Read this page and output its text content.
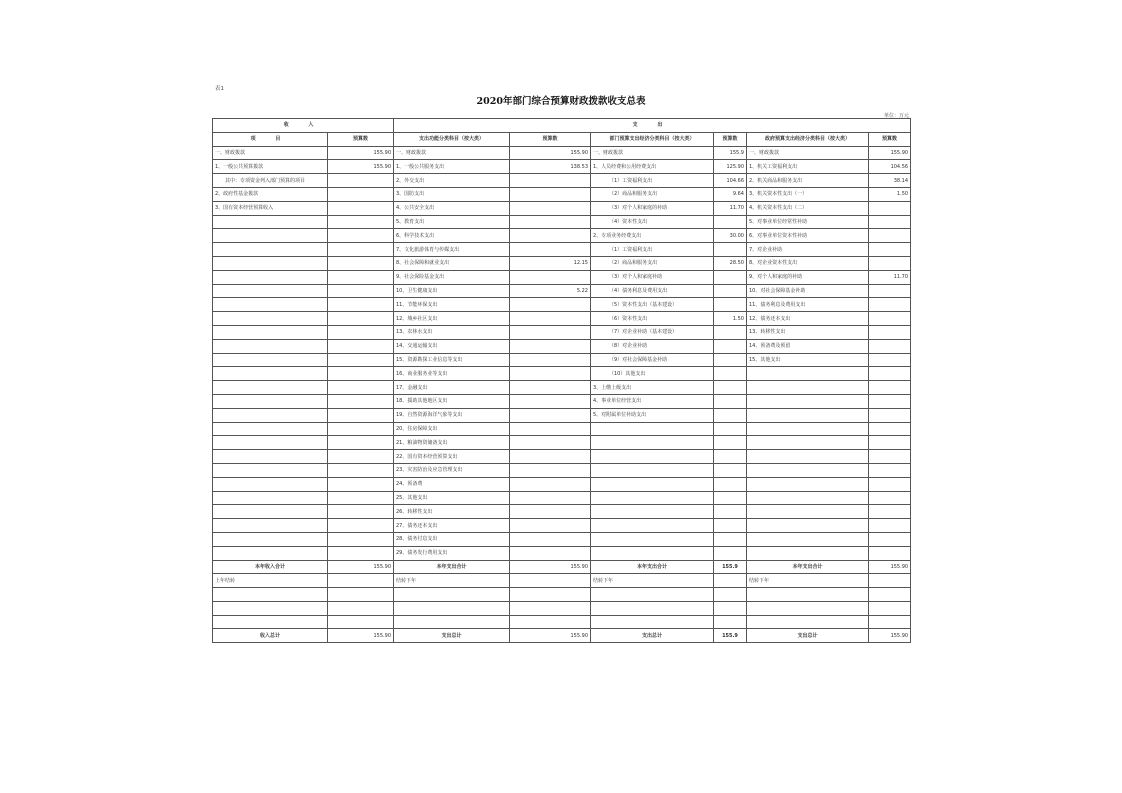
表1
2020年部门综合预算财政拨款收支总表
单位：万元
收 入		支 出					
项 目	预算数	支出功能分类科目（按大类）	预算数	部门预算支出经济分类科目（按大类）	预算数	政府预算支出经济分类科目（按大类）	预算数
一、财政拨款	155.90	一、财政拨款	155.90	一、财政拨款	155.9	一、财政拨款	155.90
1、一般公共预算拨款	155.90	1、一般公共服务支出	138.53	1、人员经费和公用经费支出	125.90	1、机关工资福利支出	104.56
其中：专项资金列入部门预算的项目		2、外交支出		（1）工资福利支出	104.66	2、机关商品和服务支出	38.14
2、政府性基金拨款		3、国防支出		（2）商品和服务支出	9.64	3、机关资本性支出（一）	1.50
3、国有资本经营预算收入		4、公共安全支出		（3）对个人和家庭的补助	11.70	4、机关资本性支出（二）	
		5、教育支出		（4）资本性支出		5、对事业单位经常性补助	
		6、科学技术支出		2、专项业务经费支出	30.00	6、对事业单位资本性补助	
		7、文化旅游体育与传媒支出		（1）工资福利支出		7、对企业补助	
		8、社会保障和就业支出	12.15	（2）商品和服务支出	28.50	8、对企业资本性支出	
		9、社会保险基金支出		（3）对个人和家庭补助		9、对个人和家庭的补助	11.70
		10、卫生健康支出	5.22	（4）债务利息及费用支出		10、对社会保障基金补助	
		11、节能环保支出		（5）资本性支出（基本建设）		11、债务利息及费用支出	
		12、城乡社区支出		（6）资本性支出	1.50	12、债务还本支出	
		13、农林水支出		（7）对企业补助（基本建设）		13、转移性支出	
		14、交通运输支出		（8）对企业补助		14、预备费及预留	
		15、资源勘探工业信息等支出		（9）对社会保障基金补助		15、其他支出	
		16、商业服务业等支出		（10）其他支出			
		17、金融支出		3、上缴上级支出			
		18、援助其他地区支出		4、事业单位经营支出			
		19、自然资源海洋气象等支出		5、对附属单位补助支出			
		20、住房保障支出					
		21、粮油物资储备支出					
		22、国有资本经营预算支出					
		23、灾害防治及应急管理支出					
		24、预备费					
		25、其他支出					
		26、转移性支出					
		27、债务还本支出					
		28、债务付息支出					
		29、债务发行费用支出					
本年收入合计	155.90	本年支出合计	155.90	本年支出合计	155.9	本年支出合计	155.90
上年结转		结转下年		结转下年		结转下年	

收入总计	155.90	支出总计	155.90	支出总计	155.9	支出总计	155.90
